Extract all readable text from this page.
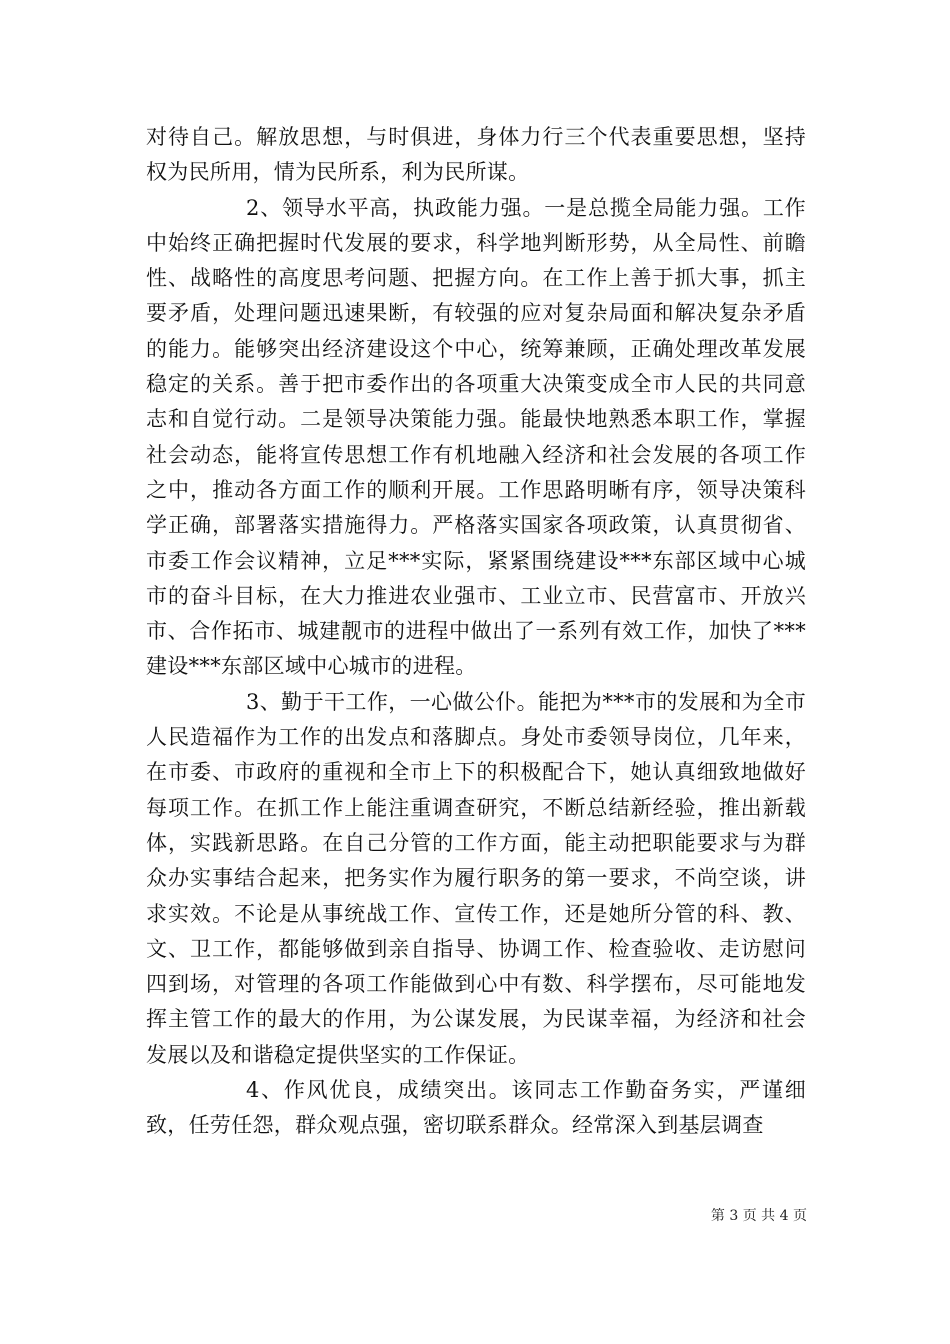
对待自己。解放思想，与时俱进，身体力行三个代表重要思想，坚持权为民所用，情为民所系，利为民所谋。

2、领导水平高，执政能力强。一是总揽全局能力强。工作中始终正确把握时代发展的要求，科学地判断形势，从全局性、前瞻性、战略性的高度思考问题、把握方向。在工作上善于抓大事，抓主要矛盾，处理问题迅速果断，有较强的应对复杂局面和解决复杂矛盾的能力。能够突出经济建设这个中心，统筹兼顾，正确处理改革发展稳定的关系。善于把市委作出的各项重大决策变成全市人民的共同意志和自觉行动。二是领导决策能力强。能最快地熟悉本职工作，掌握社会动态，能将宣传思想工作有机地融入经济和社会发展的各项工作之中，推动各方面工作的顺利开展。工作思路明晰有序，领导决策科学正确，部署落实措施得力。严格落实国家各项政策，认真贯彻省、市委工作会议精神，立足***实际，紧紧围绕建设***东部区域中心城市的奋斗目标，在大力推进农业强市、工业立市、民营富市、开放兴市、合作拓市、城建靓市的进程中做出了一系列有效工作，加快了***建设***东部区域中心城市的进程。

3、勤于干工作，一心做公仆。能把为***市的发展和为全市人民造福作为工作的出发点和落脚点。身处市委领导岗位，几年来，在市委、市政府的重视和全市上下的积极配合下，她认真细致地做好每项工作。在抓工作上能注重调查研究，不断总结新经验，推出新载体，实践新思路。在自己分管的工作方面，能主动把职能要求与为群众办实事结合起来，把务实作为履行职务的第一要求，不尚空谈，讲求实效。不论是从事统战工作、宣传工作，还是她所分管的科、教、文、卫工作，都能够做到亲自指导、协调工作、检查验收、走访慰问四到场，对管理的各项工作能做到心中有数、科学摆布，尽可能地发挥主管工作的最大的作用，为公谋发展，为民谋幸福，为经济和社会发展以及和谐稳定提供坚实的工作保证。

4、作风优良，成绩突出。该同志工作勤奋务实，严谨细致，任劳任怨，群众观点强，密切联系群众。经常深入到基层调查

第 3 页 共 4 页
